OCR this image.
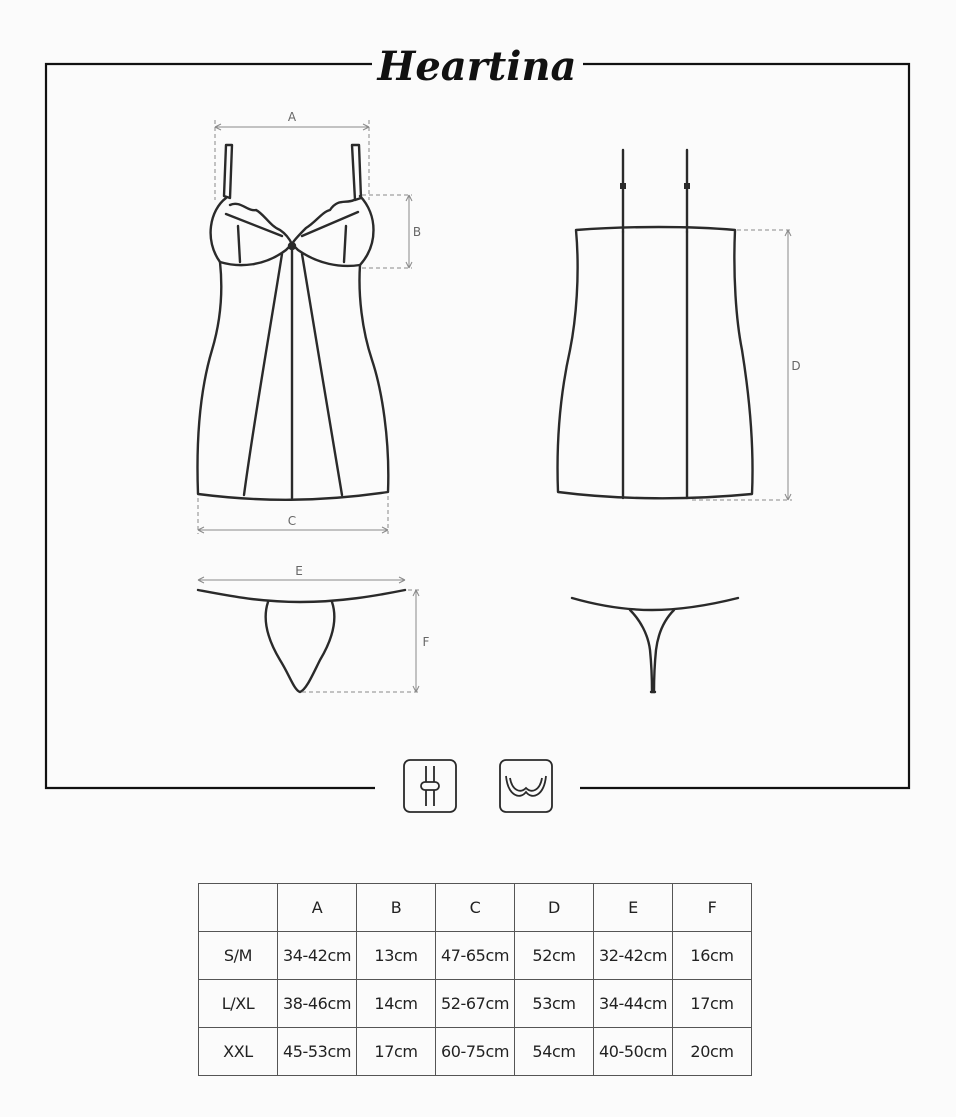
Heartina
A
B
C
D
E
F
	A	B	C	D	E	F
S/M	34-42cm	13cm	47-65cm	52cm	32-42cm	16cm
L/XL	38-46cm	14cm	52-67cm	53cm	34-44cm	17cm
XXL	45-53cm	17cm	60-75cm	54cm	40-50cm	20cm
